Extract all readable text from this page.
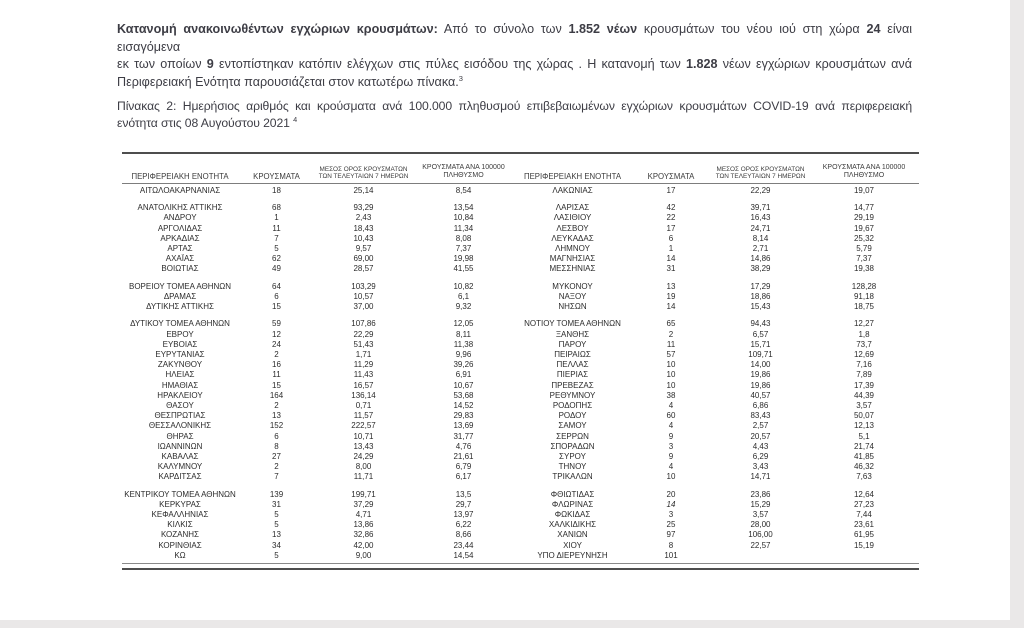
Κατανομή ανακοινωθέντων εγχώριων κρουσμάτων: Από το σύνολο των 1.852 νέων κρουσμάτων του νέου ιού στη χώρα 24 είναι εισαγόμενα
εκ των οποίων 9 εντοπίστηκαν κατόπιν ελέγχων στις πύλες εισόδου της χώρας . Η κατανομή των 1.828 νέων εγχώριων κρουσμάτων ανά
Περιφερειακή Ενότητα παρουσιάζεται στον κατωτέρω πίνακα.$^3$
Πίνακας 2: Ημερήσιος αριθμός και κρούσματα ανά 100.000 πληθυσμού επιβεβαιωμένων εγχώριων κρουσμάτων COVID-19 ανά περιφερειακή
ενότητα στις 08 Αυγούστου 2021 $^4$
ΠΕΡΙΦΕΡΕΙΑΚΗ ΕΝΟΤΗΤΑ	ΚΡΟΥΣΜΑΤΑ
ΜΕΣΟΣ ΟΡΟΣ ΚΡΟΥΣΜΑΤΩΝ
ΤΩΝ ΤΕΛΕΥΤΑΙΩΝ 7 ΗΜΕΡΩΝ
ΚΡΟΥΣΜΑΤΑ ΑΝΑ 100000
ΠΛΗΘΥΣΜΟ	ΠΕΡΙΦΕΡΕΙΑΚΗ ΕΝΟΤΗΤΑ	ΚΡΟΥΣΜΑΤΑ
ΜΕΣΟΣ ΟΡΟΣ ΚΡΟΥΣΜΑΤΩΝ
ΤΩΝ ΤΕΛΕΥΤΑΙΩΝ 7 ΗΜΕΡΩΝ
ΚΡΟΥΣΜΑΤΑ ΑΝΑ 100000
ΠΛΗΘΥΣΜΟ
ΑΙΤΩΛΟΑΚΑΡΝΑΝΙΑΣ	18	25,14	8,54	ΛΑΚΩΝΙΑΣ	17	22,29	19,07
ΑΝΑΤΟΛΙΚΗΣ ΑΤΤΙΚΗΣ	68	93,29	13,54	ΛΑΡΙΣΑΣ	42	39,71	14,77
ΑΝΔΡΟΥ	1	2,43	10,84	ΛΑΣΙΘΙΟΥ	22	16,43	29,19
ΑΡΓΟΛΙΔΑΣ	11	18,43	11,34	ΛΕΣΒΟΥ	17	24,71	19,67
ΑΡΚΑΔΙΑΣ	7	10,43	8,08	ΛΕΥΚΑΔΑΣ	6	8,14	25,32
ΑΡΤΑΣ	5	9,57	7,37	ΛΗΜΝΟΥ	1	2,71	5,79
ΑΧΑΪΑΣ	62	69,00	19,98	ΜΑΓΝΗΣΙΑΣ	14	14,86	7,37
ΒΟΙΩΤΙΑΣ	49	28,57	41,55	ΜΕΣΣΗΝΙΑΣ	31	38,29	19,38
ΒΟΡΕΙΟΥ ΤΟΜΕΑ ΑΘΗΝΩΝ	64	103,29	10,82	ΜΥΚΟΝΟΥ	13	17,29	128,28
ΔΡΑΜΑΣ	6	10,57	6,1	ΝΑΞΟΥ	19	18,86	91,18
ΔΥΤΙΚΗΣ ΑΤΤΙΚΗΣ	15	37,00	9,32	ΝΗΣΩΝ	14	15,43	18,75
ΔΥΤΙΚΟΥ ΤΟΜΕΑ ΑΘΗΝΩΝ	59	107,86	12,05	ΝΟΤΙΟΥ ΤΟΜΕΑ ΑΘΗΝΩΝ	65	94,43	12,27
ΕΒΡΟΥ	12	22,29	8,11	ΞΑΝΘΗΣ	2	6,57	1,8
ΕΥΒΟΙΑΣ	24	51,43	11,38	ΠΑΡΟΥ	11	15,71	73,7
ΕΥΡΥΤΑΝΙΑΣ	2	1,71	9,96	ΠΕΙΡΑΙΩΣ	57	109,71	12,69
ΖΑΚΥΝΘΟΥ	16	11,29	39,26	ΠΕΛΛΑΣ	10	14,00	7,16
ΗΛΕΙΑΣ	11	11,43	6,91	ΠΙΕΡΙΑΣ	10	19,86	7,89
ΗΜΑΘΙΑΣ	15	16,57	10,67	ΠΡΕΒΕΖΑΣ	10	19,86	17,39
ΗΡΑΚΛΕΙΟΥ	164	136,14	53,68	ΡΕΘΥΜΝΟΥ	38	40,57	44,39
ΘΑΣΟΥ	2	0,71	14,52	ΡΟΔΟΠΗΣ	4	6,86	3,57
ΘΕΣΠΡΩΤΙΑΣ	13	11,57	29,83	ΡΟΔΟΥ	60	83,43	50,07
ΘΕΣΣΑΛΟΝΙΚΗΣ	152	222,57	13,69	ΣΑΜΟΥ	4	2,57	12,13
ΘΗΡΑΣ	6	10,71	31,77	ΣΕΡΡΩΝ	9	20,57	5,1
ΙΩΑΝΝΙΝΩΝ	8	13,43	4,76	ΣΠΟΡΑΔΩΝ	3	4,43	21,74
ΚΑΒΑΛΑΣ	27	24,29	21,61	ΣΥΡΟΥ	9	6,29	41,85
ΚΑΛΥΜΝΟΥ	2	8,00	6,79	ΤΗΝΟΥ	4	3,43	46,32
ΚΑΡΔΙΤΣΑΣ	7	11,71	6,17	ΤΡΙΚΑΛΩΝ	10	14,71	7,63
ΚΕΝΤΡΙΚΟΥ ΤΟΜΕΑ ΑΘΗΝΩΝ	139	199,71	13,5	ΦΘΙΩΤΙΔΑΣ	20	23,86	12,64
ΚΕΡΚΥΡΑΣ	31	37,29	29,7	ΦΛΩΡΙΝΑΣ	14	15,29	27,23
ΚΕΦΑΛΛΗΝΙΑΣ	5	4,71	13,97	ΦΩΚΙΔΑΣ	3	3,57	7,44
ΚΙΛΚΙΣ	5	13,86	6,22	ΧΑΛΚΙΔΙΚΗΣ	25	28,00	23,61
ΚΟΖΑΝΗΣ	13	32,86	8,66	ΧΑΝΙΩΝ	97	106,00	61,95
ΚΟΡΙΝΘΙΑΣ	34	42,00	23,44	ΧΙΟΥ	8	22,57	15,19
ΚΩ	5	9,00	14,54	ΥΠΟ ΔΙΕΡΕΥΝΗΣΗ	101
